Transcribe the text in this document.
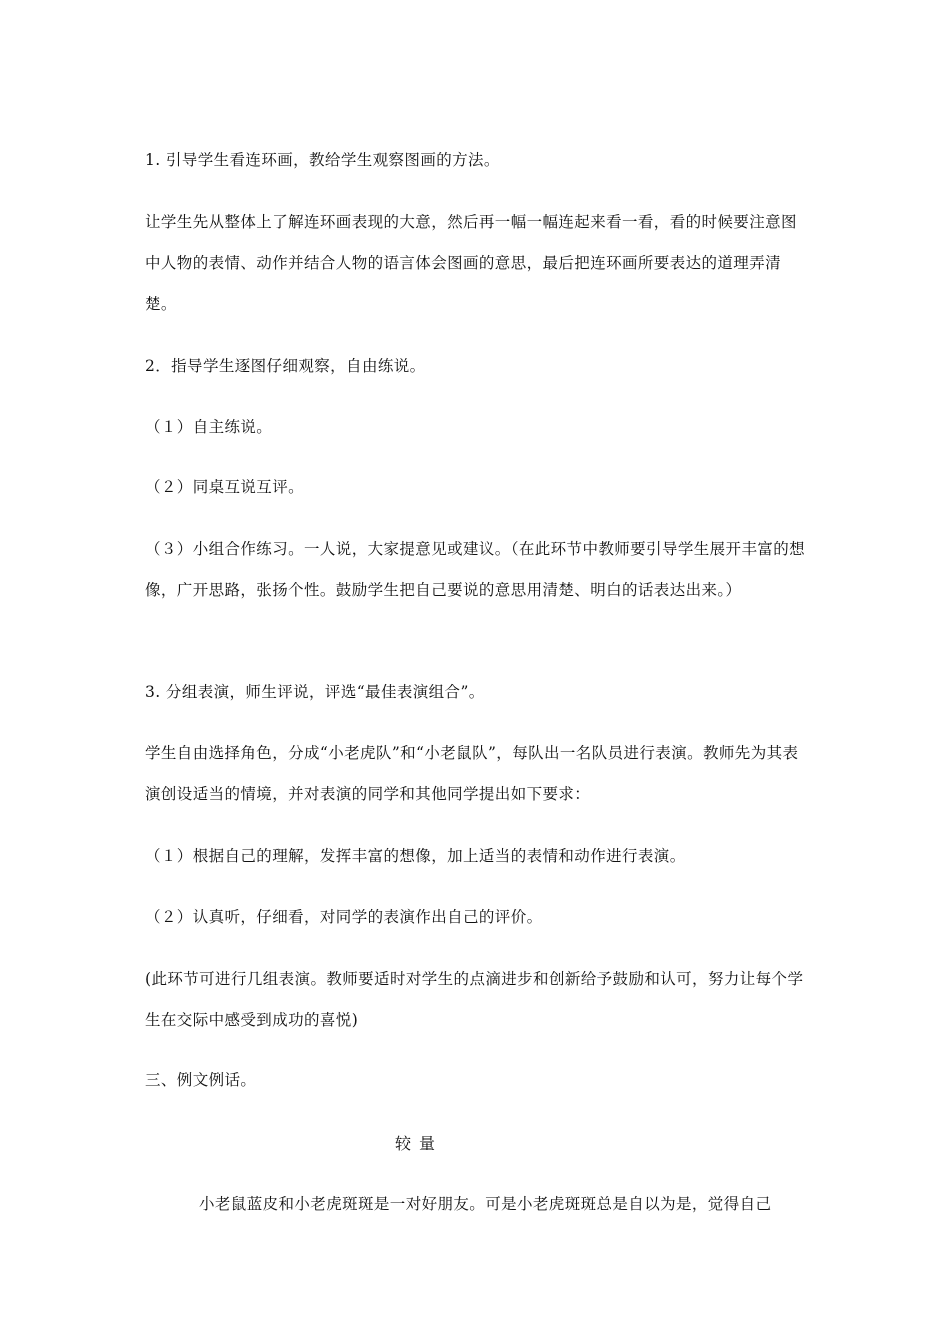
1. 引导学生看连环画，教给学生观察图画的方法。

让学生先从整体上了解连环画表现的大意，然后再一幅一幅连起来看一看，看的时候要注意图中人物的表情、动作并结合人物的语言体会图画的意思，最后把连环画所要表达的道理弄清楚。

2．指导学生逐图仔细观察，自由练说。

（１）自主练说。

（２）同桌互说互评。

（３）小组合作练习。一人说，大家提意见或建议。（在此环节中教师要引导学生展开丰富的想像，广开思路，张扬个性。鼓励学生把自己要说的意思用清楚、明白的话表达出来。）

3. 分组表演，师生评说，评选“最佳表演组合”。

学生自由选择角色，分成“小老虎队”和“小老鼠队”，每队出一名队员进行表演。教师先为其表演创设适当的情境，并对表演的同学和其他同学提出如下要求：

（１）根据自己的理解，发挥丰富的想像，加上适当的表情和动作进行表演。

（２）认真听，仔细看，对同学的表演作出自己的评价。

(此环节可进行几组表演。教师要适时对学生的点滴进步和创新给予鼓励和认可，努力让每个学生在交际中感受到成功的喜悦)

三、例文例话。

较量

小老鼠蓝皮和小老虎斑斑是一对好朋友。可是小老虎斑斑总是自以为是，觉得自己
